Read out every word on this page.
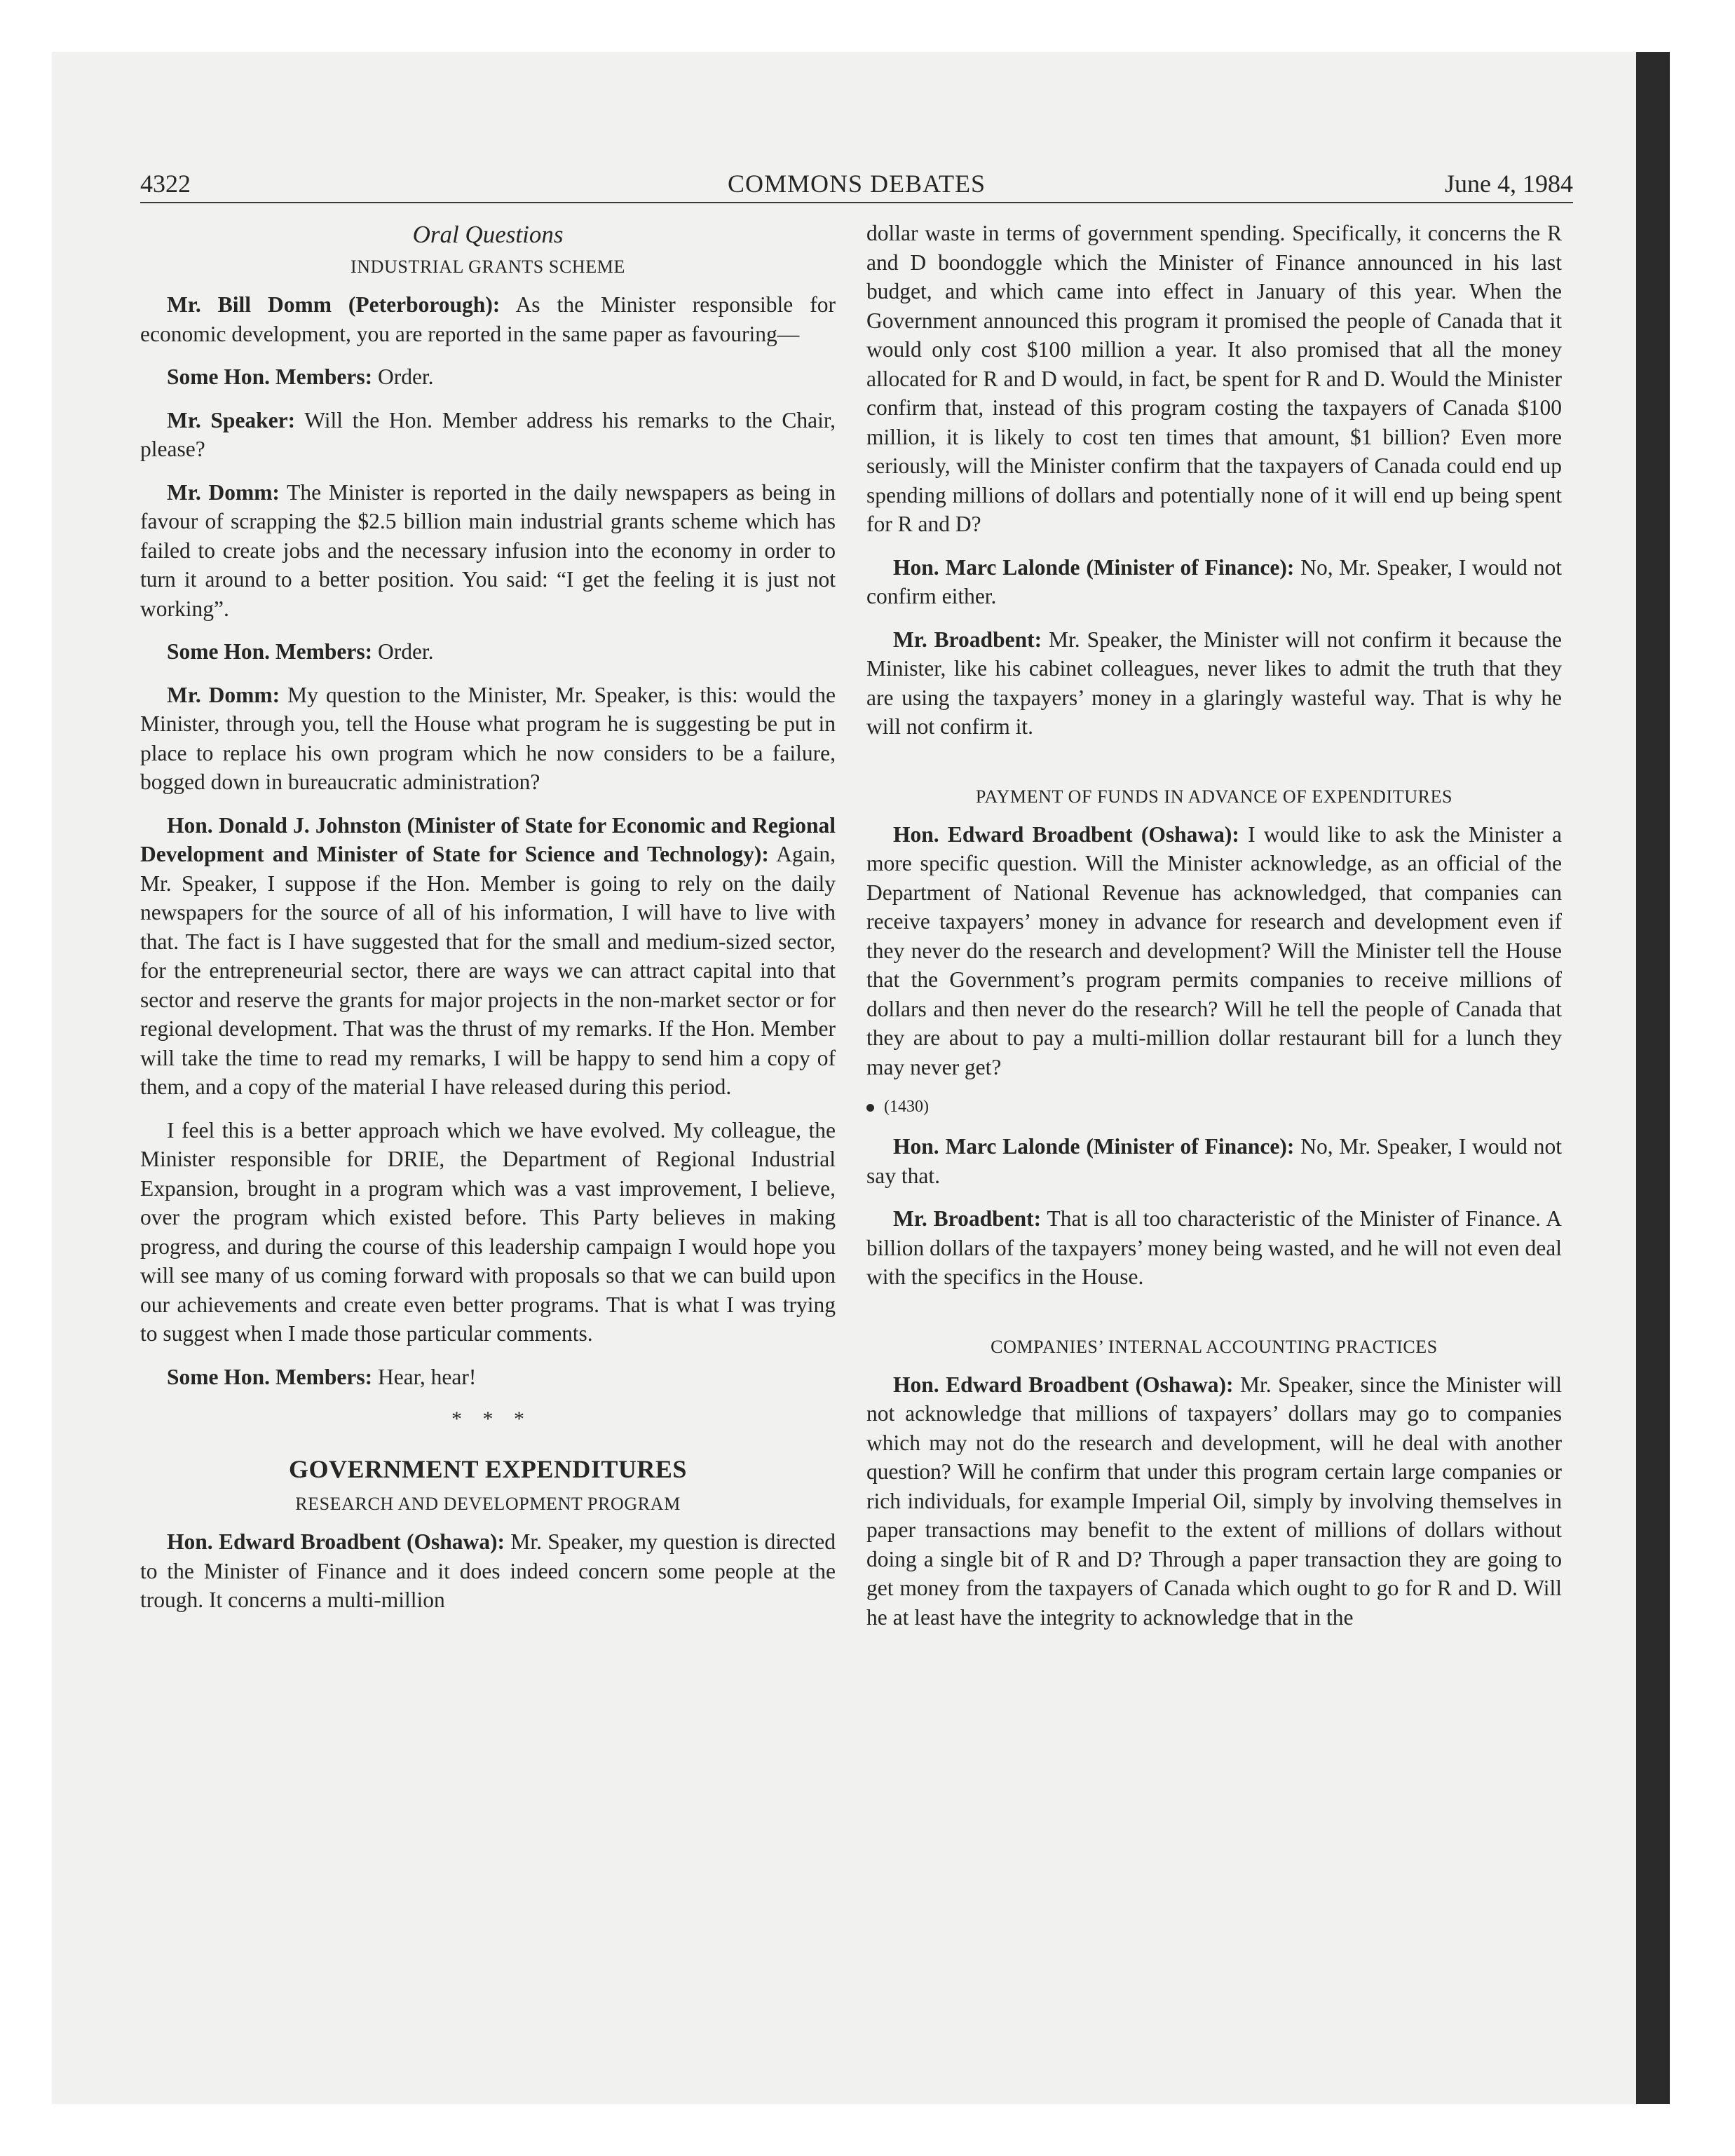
4322	COMMONS DEBATES	June 4, 1984
Oral Questions
INDUSTRIAL GRANTS SCHEME

Mr. Bill Domm (Peterborough): As the Minister responsible for economic development, you are reported in the same paper as favouring—

Some Hon. Members: Order.

Mr. Speaker: Will the Hon. Member address his remarks to the Chair, please?

Mr. Domm: The Minister is reported in the daily newspapers as being in favour of scrapping the $2.5 billion main industrial grants scheme which has failed to create jobs and the necessary infusion into the economy in order to turn it around to a better position. You said: “I get the feeling it is just not working”.

Some Hon. Members: Order.

Mr. Domm: My question to the Minister, Mr. Speaker, is this: would the Minister, through you, tell the House what program he is suggesting be put in place to replace his own program which he now considers to be a failure, bogged down in bureaucratic administration?

Hon. Donald J. Johnston (Minister of State for Economic and Regional Development and Minister of State for Science and Technology): Again, Mr. Speaker, I suppose if the Hon. Member is going to rely on the daily newspapers for the source of all of his information, I will have to live with that. The fact is I have suggested that for the small and medium-sized sector, for the entrepreneurial sector, there are ways we can attract capital into that sector and reserve the grants for major projects in the non-market sector or for regional development. That was the thrust of my remarks. If the Hon. Member will take the time to read my remarks, I will be happy to send him a copy of them, and a copy of the material I have released during this period.

I feel this is a better approach which we have evolved. My colleague, the Minister responsible for DRIE, the Department of Regional Industrial Expansion, brought in a program which was a vast improvement, I believe, over the program which existed before. This Party believes in making progress, and during the course of this leadership campaign I would hope you will see many of us coming forward with proposals so that we can build upon our achievements and create even better programs. That is what I was trying to suggest when I made those particular comments.

Some Hon. Members: Hear, hear!

* * *
GOVERNMENT EXPENDITURES
RESEARCH AND DEVELOPMENT PROGRAM

Hon. Edward Broadbent (Oshawa): Mr. Speaker, my question is directed to the Minister of Finance and it does indeed concern some people at the trough. It concerns a multi-million

dollar waste in terms of government spending. Specifically, it concerns the R and D boondoggle which the Minister of Finance announced in his last budget, and which came into effect in January of this year. When the Government announced this program it promised the people of Canada that it would only cost $100 million a year. It also promised that all the money allocated for R and D would, in fact, be spent for R and D. Would the Minister confirm that, instead of this program costing the taxpayers of Canada $100 million, it is likely to cost ten times that amount, $1 billion? Even more seriously, will the Minister confirm that the taxpayers of Canada could end up spending millions of dollars and potentially none of it will end up being spent for R and D?

Hon. Marc Lalonde (Minister of Finance): No, Mr. Speaker, I would not confirm either.

Mr. Broadbent: Mr. Speaker, the Minister will not confirm it because the Minister, like his cabinet colleagues, never likes to admit the truth that they are using the taxpayers’ money in a glaringly wasteful way. That is why he will not confirm it.

PAYMENT OF FUNDS IN ADVANCE OF EXPENDITURES

Hon. Edward Broadbent (Oshawa): I would like to ask the Minister a more specific question. Will the Minister acknowledge, as an official of the Department of National Revenue has acknowledged, that companies can receive taxpayers’ money in advance for research and development even if they never do the research and development? Will the Minister tell the House that the Government’s program permits companies to receive millions of dollars and then never do the research? Will he tell the people of Canada that they are about to pay a multi-million dollar restaurant bill for a lunch they may never get?

(1430)

Hon. Marc Lalonde (Minister of Finance): No, Mr. Speaker, I would not say that.

Mr. Broadbent: That is all too characteristic of the Minister of Finance. A billion dollars of the taxpayers’ money being wasted, and he will not even deal with the specifics in the House.

COMPANIES’ INTERNAL ACCOUNTING PRACTICES

Hon. Edward Broadbent (Oshawa): Mr. Speaker, since the Minister will not acknowledge that millions of taxpayers’ dollars may go to companies which may not do the research and development, will he deal with another question? Will he confirm that under this program certain large companies or rich individuals, for example Imperial Oil, simply by involving themselves in paper transactions may benefit to the extent of millions of dollars without doing a single bit of R and D? Through a paper transaction they are going to get money from the taxpayers of Canada which ought to go for R and D. Will he at least have the integrity to acknowledge that in the
